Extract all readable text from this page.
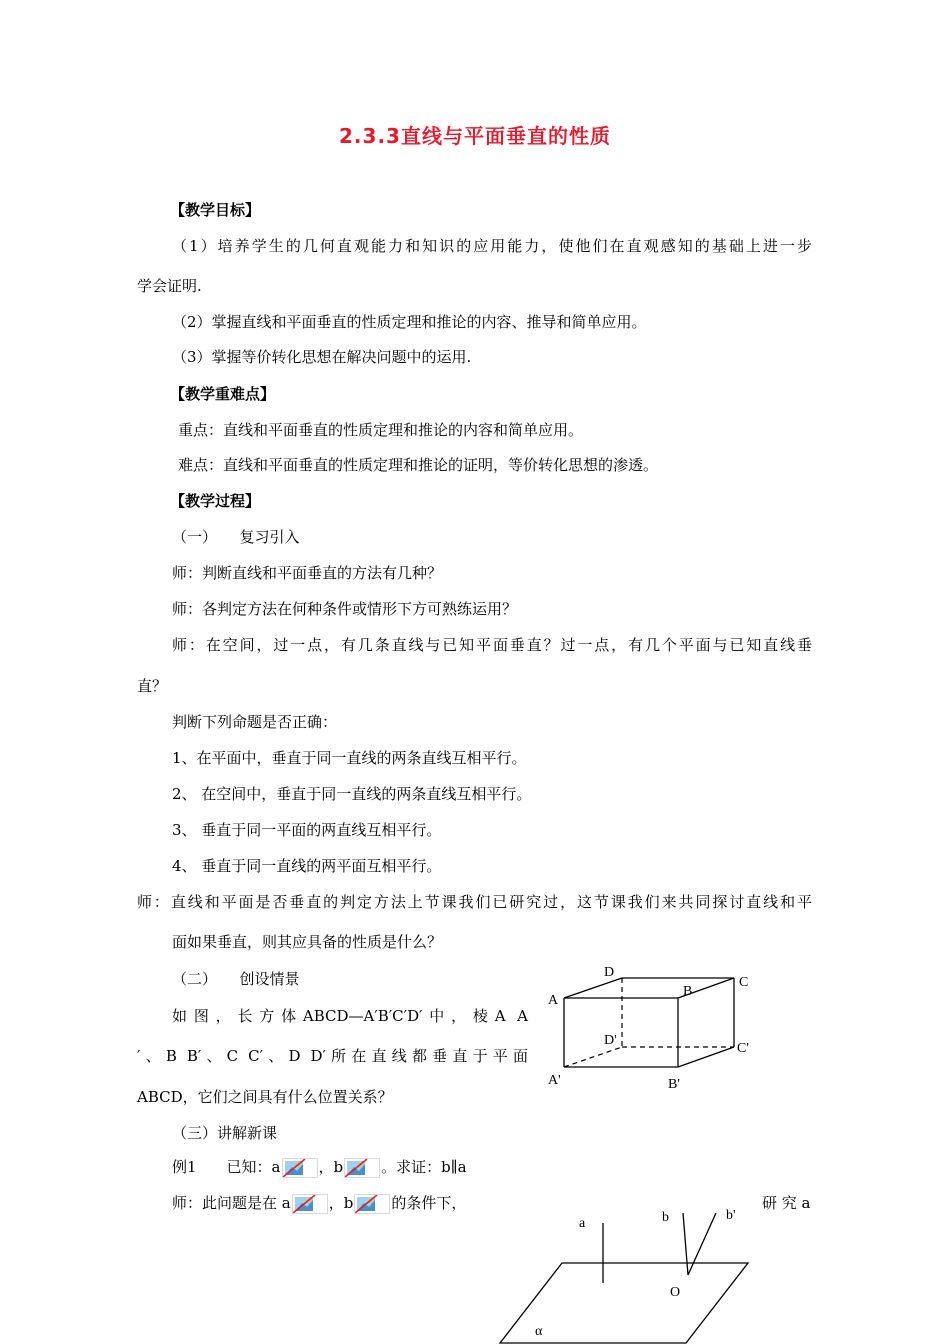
2.3.3直线与平面垂直的性质
【教学目标】
（1）培养学生的几何直观能力和知识的应用能力，使他们在直观感知的基础上进一步
学会证明.
（2）掌握直线和平面垂直的性质定理和推论的内容、推导和简单应用。
（3）掌握等价转化思想在解决问题中的运用.
【教学重难点】
重点：直线和平面垂直的性质定理和推论的内容和简单应用。
难点：直线和平面垂直的性质定理和推论的证明，等价转化思想的渗透。
【教学过程】
（一）　　复习引入
师：判断直线和平面垂直的方法有几种？
师：各判定方法在何种条件或情形下方可熟练运用？
师：在空间，过一点，有几条直线与已知平面垂直？过一点，有几个平面与已知直线垂
直？
判断下列命题是否正确：
1、在平面中，垂直于同一直线的两条直线互相平行。
2、 在空间中，垂直于同一直线的两条直线互相平行。
3、 垂直于同一平面的两直线互相平行。
4、 垂直于同一直线的两平面互相平行。
师：直线和平面是否垂直的判定方法上节课我们已研究过，这节课我们来共同探讨直线和平
面如果垂直，则其应具备的性质是什么？
（二）　　创设情景
如图，长方体ABCD—A′B′C′D′中，棱A A
′、B B′、C C′、D D′所在直线都垂直于平面
ABCD，它们之间具有什么位置关系？
（三）讲解新课
例1　　已知：a	，b	。求证：b∥a
师：此问题是在 a	，b	的条件下，	研 究 a
D
C
A
B
D'
C'
A'	B'
a	b	b'
O
α
